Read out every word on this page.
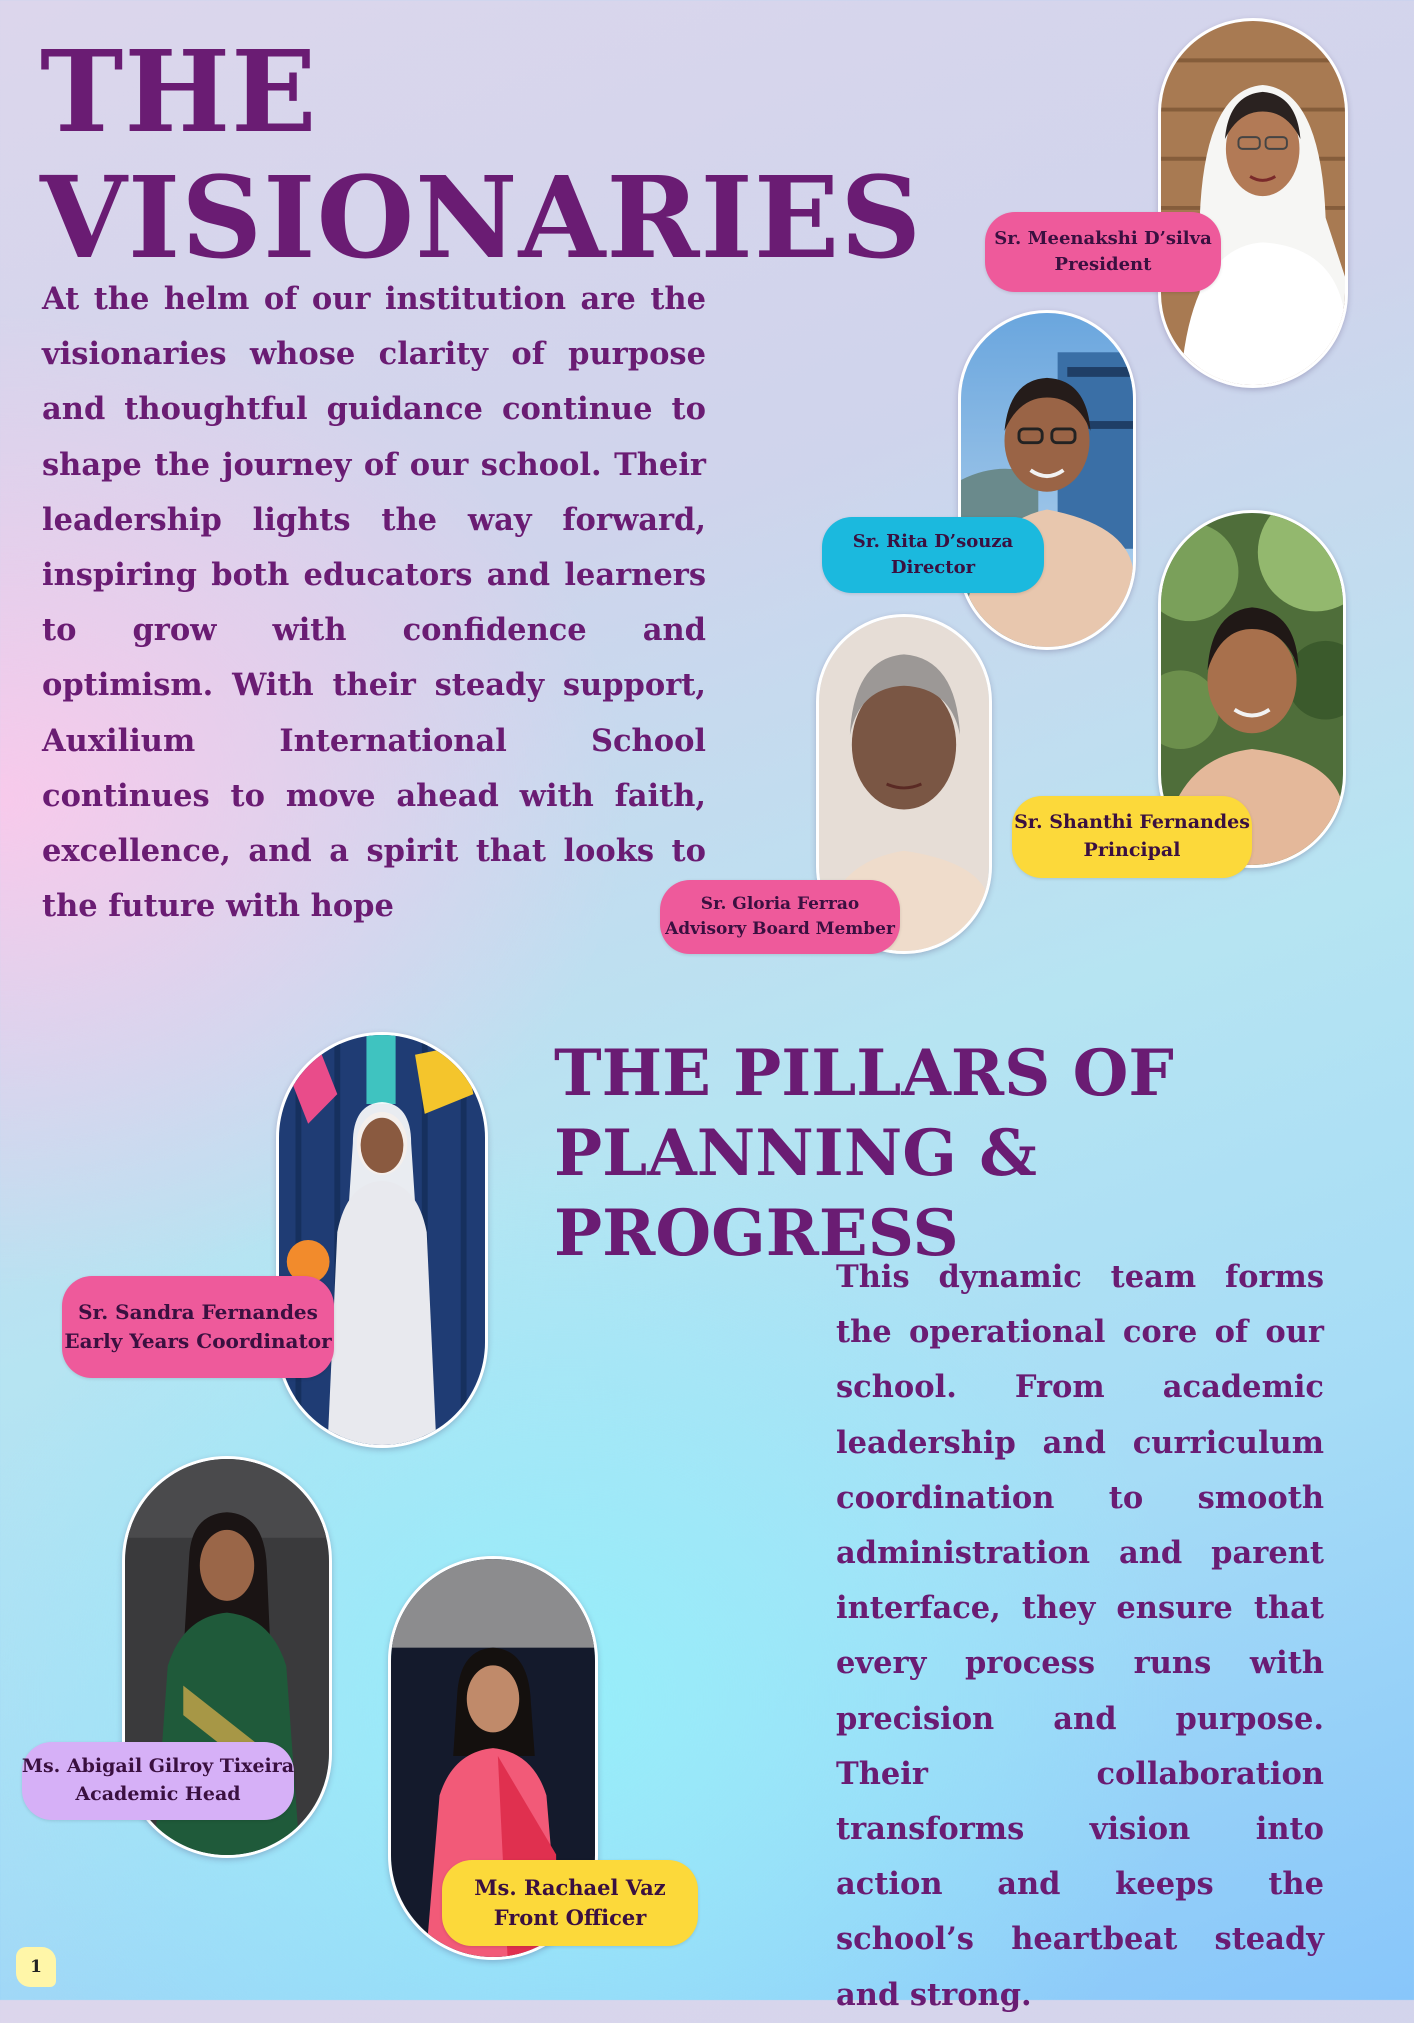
THE
VISIONARIES

At the helm of our institution are the visionaries whose clarity of purpose and thoughtful guidance continue to shape the journey of our school. Their leadership lights the way forward, inspiring both educators and learners to grow with confidence and optimism. With their steady support, Auxilium International School continues to move ahead with faith, excellence, and a spirit that looks to the future with hope

Sr. Meenakshi D’silva
President
Sr. Rita D’souza
Director
Sr. Shanthi Fernandes
Principal
Sr. Gloria Ferrao
Advisory Board Member
THE PILLARS OF
PLANNING & PROGRESS

This dynamic team forms the operational core of our school. From academic leadership and curriculum coordination to smooth administration and parent interface, they ensure that every process runs with precision and purpose. Their collaboration transforms vision into action and keeps the school’s heartbeat steady and strong.

Sr. Sandra Fernandes
Early Years Coordinator
Ms. Abigail Gilroy Tixeira
Academic Head
Ms. Rachael Vaz
Front Officer
1
